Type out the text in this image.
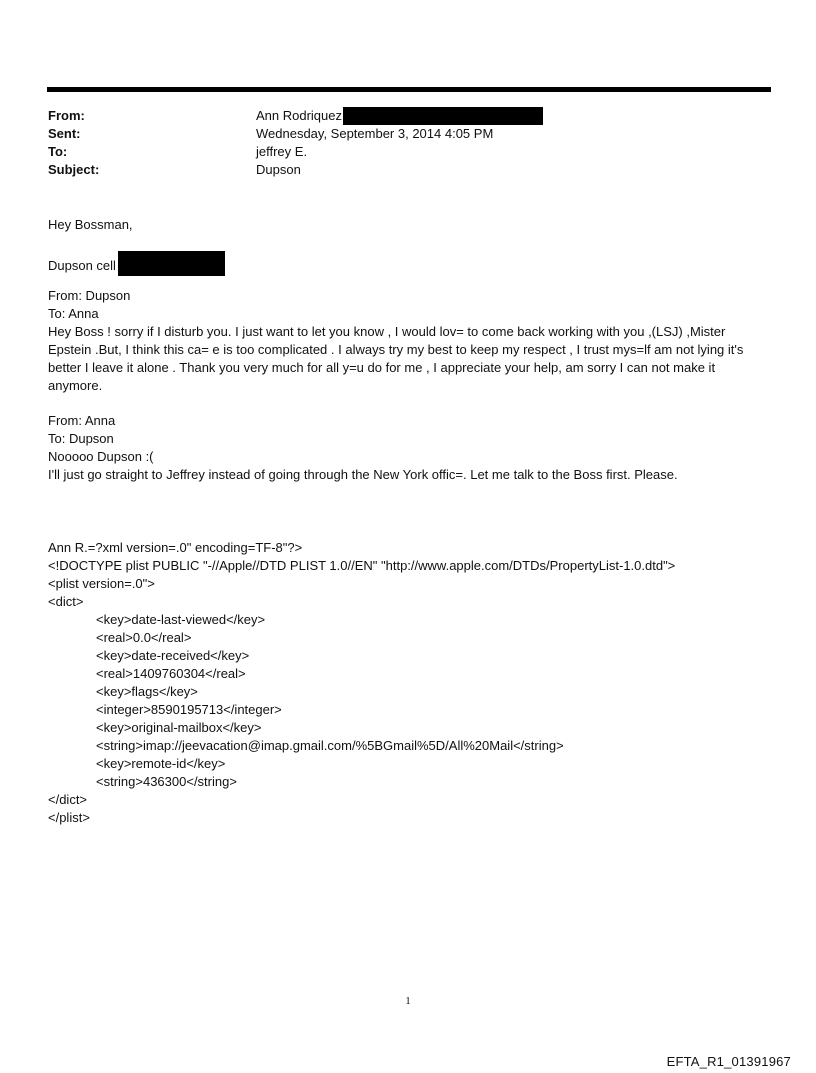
From:	Ann Rodriquez
Sent:	Wednesday, September 3, 2014 4:05 PM
To:	jeffrey E.
Subject:	Dupson
Hey Bossman,
Dupson cell
From: Dupson
To: Anna
Hey Boss ! sorry if I disturb you. I just want to let you know , I would lov= to come back working with you ,(LSJ) ,Mister
Epstein .But, I think this ca= e is too complicated . I always try my best to keep my respect , I trust mys=lf am not lying it's
better I leave it alone . Thank you very much for all y=u do for me , I appreciate your help, am sorry I can not make it
anymore.
From: Anna
To: Dupson
Nooooo Dupson :(
I'll just go straight to Jeffrey instead of going through the New York offic=. Let me talk to the Boss first. Please.
Ann R.=?xml version=.0" encoding=TF-8"?>
<!DOCTYPE plist PUBLIC "-//Apple//DTD PLIST 1.0//EN" "http://www.apple.com/DTDs/PropertyList-1.0.dtd">
<plist version=.0">
<dict>
<key>date-last-viewed</key>
<real>0.0</real>
<key>date-received</key>
<real>1409760304</real>
<key>flags</key>
<integer>8590195713</integer>
<key>original-mailbox</key>
<string>imap://jeevacation@imap.gmail.com/%5BGmail%5D/All%20Mail</string>
<key>remote-id</key>
<string>436300</string>
</dict>
</plist>
1
EFTA_R1_01391967
